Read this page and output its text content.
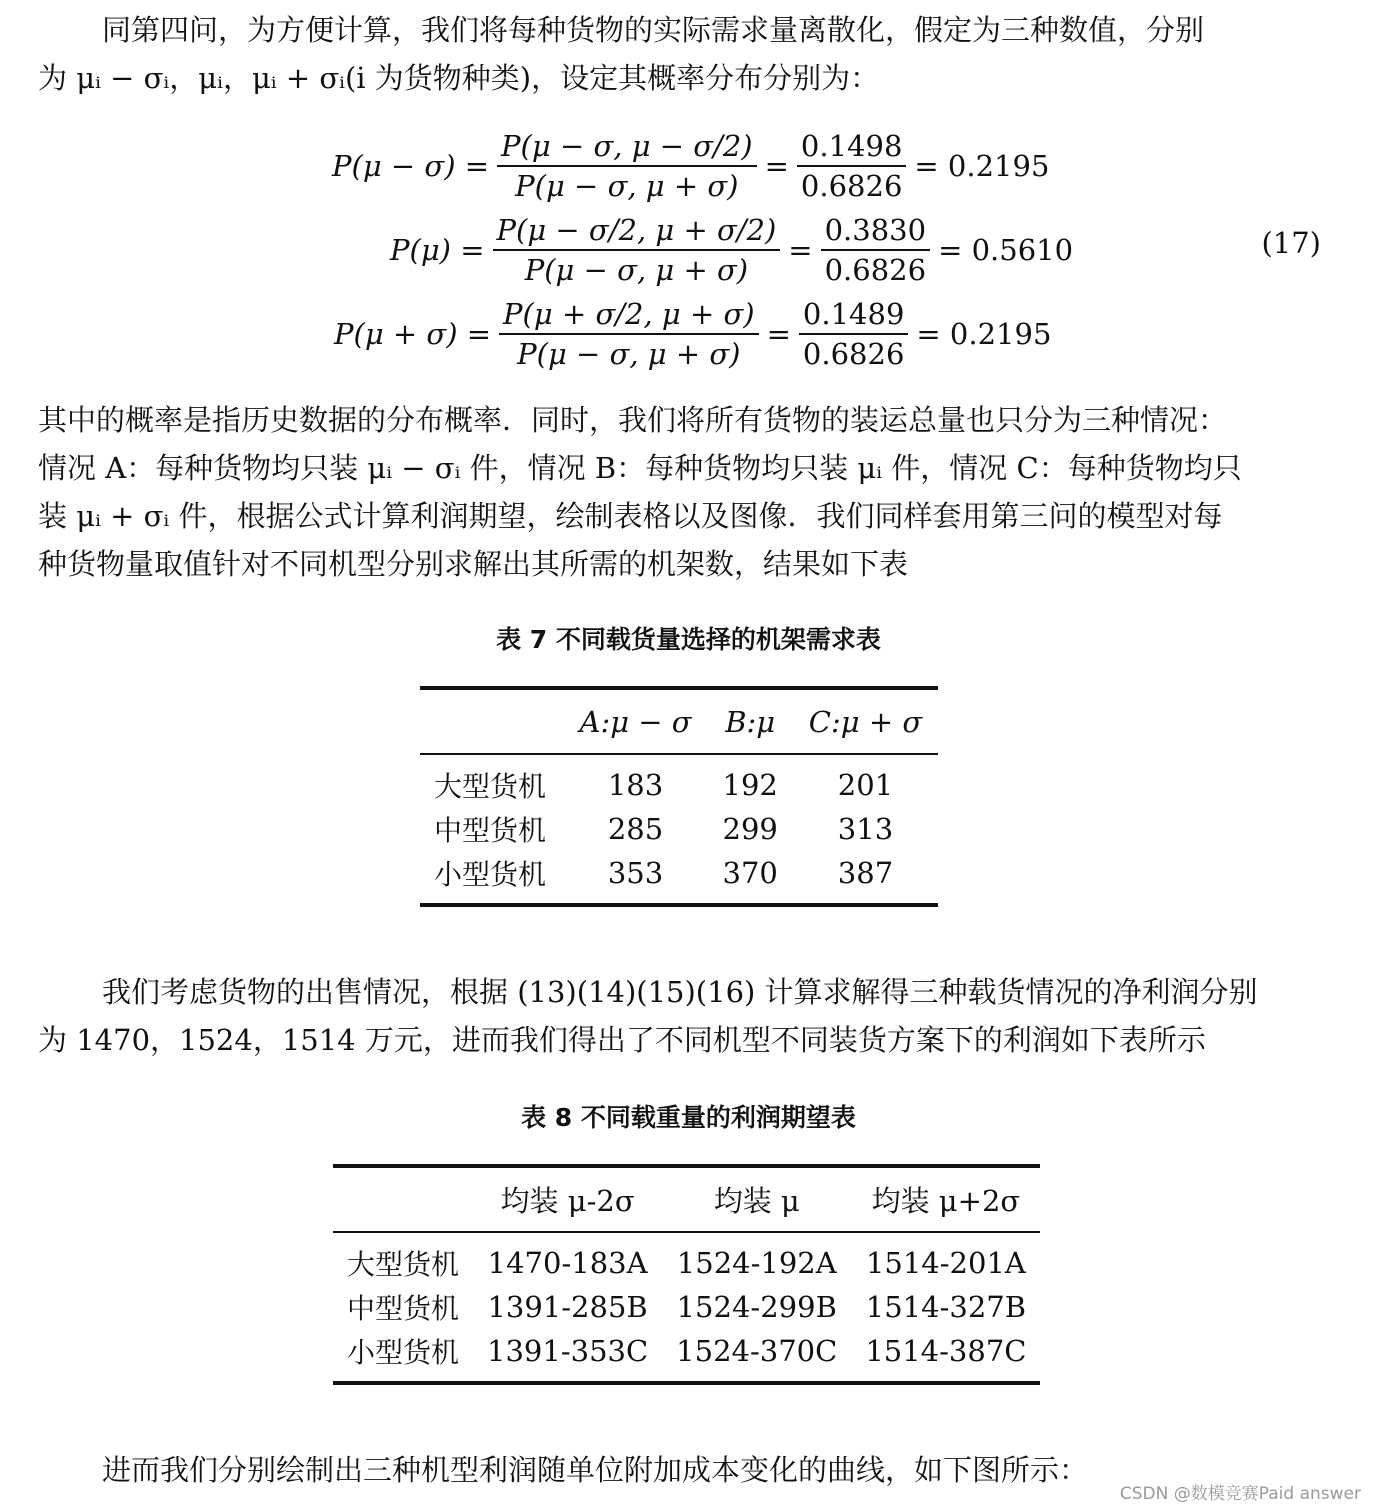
同第四问，为方便计算，我们将每种货物的实际需求量离散化，假定为三种数值，分别

为 μᵢ − σᵢ，μᵢ，μᵢ + σᵢ(i 为货物种类)，设定其概率分布分别为：

$P(\mu - \sigma) = \frac{P(\mu - \sigma, \mu - \sigma/2)}{P(\mu - \sigma, \mu + \sigma)} = \frac{0.1498}{0.6826} = 0.2195$
$P(\mu) = \frac{P(\mu - \sigma/2, \mu + \sigma/2)}{P(\mu - \sigma, \mu + \sigma)} = \frac{0.3830}{0.6826} = 0.5610$
$P(\mu + \sigma) = \frac{P(\mu + \sigma/2, \mu + \sigma)}{P(\mu - \sigma, \mu + \sigma)} = \frac{0.1489}{0.6826} = 0.2195$
(17)

其中的概率是指历史数据的分布概率．同时，我们将所有货物的装运总量也只分为三种情况：

情况 A：每种货物均只装 μᵢ − σᵢ 件，情况 B：每种货物均只装 μᵢ 件，情况 C：每种货物均只

装 μᵢ + σᵢ 件，根据公式计算利润期望，绘制表格以及图像．我们同样套用第三问的模型对每

种货物量取值针对不同机型分别求解出其所需的机架数，结果如下表

表 7 不同载货量选择的机架需求表

	A:μ − σ	B:μ	C:μ + σ
大型货机	183	192	201
中型货机	285	299	313
小型货机	353	370	387

我们考虑货物的出售情况，根据 (13)(14)(15)(16) 计算求解得三种载货情况的净利润分别

为 1470，1524，1514 万元，进而我们得出了不同机型不同装货方案下的利润如下表所示

表 8 不同载重量的利润期望表

	均装 μ-2σ	均装 μ	均装 μ+2σ
大型货机	1470-183A	1524-192A	1514-201A
中型货机	1391-285B	1524-299B	1514-327B
小型货机	1391-353C	1524-370C	1514-387C

进而我们分别绘制出三种机型利润随单位附加成本变化的曲线，如下图所示：

CSDN @数模竞赛Paid answer
